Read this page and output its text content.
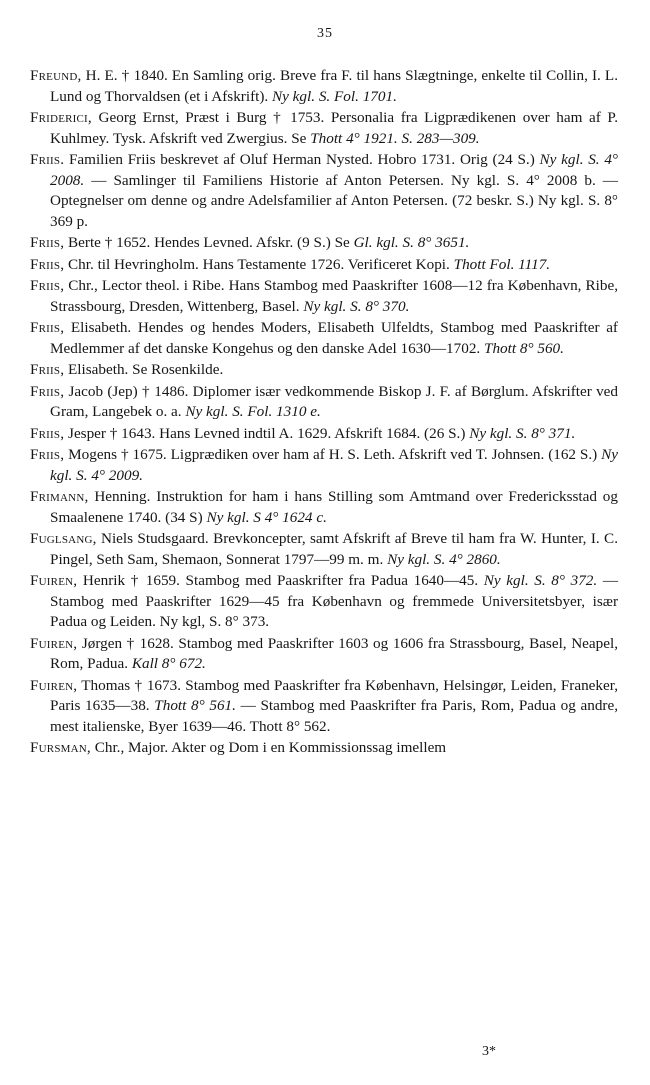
35

Freund, H. E. † 1840. En Samling orig. Breve fra F. til hans Slægtninge, enkelte til Collin, I. L. Lund og Thorvaldsen (et i Afskrift). Ny kgl. S. Fol. 1701.

Friderici, Georg Ernst, Præst i Burg † 1753. Personalia fra Ligprædikenen over ham af P. Kuhlmey. Tysk. Afskrift ved Zwergius. Se Thott 4° 1921. S. 283—309.

Friis. Familien Friis beskrevet af Oluf Herman Nysted. Hobro 1731. Orig (24 S.) Ny kgl. S. 4° 2008. — Samlinger til Familiens Historie af Anton Petersen. Ny kgl. S. 4° 2008 b. — Optegnelser om denne og andre Adelsfamilier af Anton Petersen. (72 beskr. S.) Ny kgl. S. 8° 369 p.

Friis, Berte † 1652. Hendes Levned. Afskr. (9 S.) Se Gl. kgl. S. 8° 3651.

Friis, Chr. til Hevringholm. Hans Testamente 1726. Verificeret Kopi. Thott Fol. 1117.

Friis, Chr., Lector theol. i Ribe. Hans Stambog med Paaskrifter 1608—12 fra København, Ribe, Strassbourg, Dresden, Wittenberg, Basel. Ny kgl. S. 8° 370.

Friis, Elisabeth. Hendes og hendes Moders, Elisabeth Ulfeldts, Stambog med Paaskrifter af Medlemmer af det danske Kongehus og den danske Adel 1630—1702. Thott 8° 560.

Friis, Elisabeth. Se Rosenkilde.

Friis, Jacob (Jep) † 1486. Diplomer især vedkommende Biskop J. F. af Børglum. Afskrifter ved Gram, Langebek o. a. Ny kgl. S. Fol. 1310 e.

Friis, Jesper † 1643. Hans Levned indtil A. 1629. Afskrift 1684. (26 S.) Ny kgl. S. 8° 371.

Friis, Mogens † 1675. Ligprædiken over ham af H. S. Leth. Afskrift ved T. Johnsen. (162 S.) Ny kgl. S. 4° 2009.

Frimann, Henning. Instruktion for ham i hans Stilling som Amtmand over Fredericksstad og Smaalenene 1740. (34 S) Ny kgl. S 4° 1624 c.

Fuglsang, Niels Studsgaard. Brevkoncepter, samt Afskrift af Breve til ham fra W. Hunter, I. C. Pingel, Seth Sam, Shemaon, Sonnerat 1797—99 m. m. Ny kgl. S. 4° 2860.

Fuiren, Henrik † 1659. Stambog med Paaskrifter fra Padua 1640—45. Ny kgl. S. 8° 372. — Stambog med Paaskrifter 1629—45 fra København og fremmede Universitetsbyer, især Padua og Leiden. Ny kgl, S. 8° 373.

Fuiren, Jørgen † 1628. Stambog med Paaskrifter 1603 og 1606 fra Strassbourg, Basel, Neapel, Rom, Padua. Kall 8° 672.

Fuiren, Thomas † 1673. Stambog med Paaskrifter fra København, Helsingør, Leiden, Franeker, Paris 1635—38. Thott 8° 561. — Stambog med Paaskrifter fra Paris, Rom, Padua og andre, mest italienske, Byer 1639—46. Thott 8° 562.

Fursman, Chr., Major. Akter og Dom i en Kommissionssag imellem

3*
